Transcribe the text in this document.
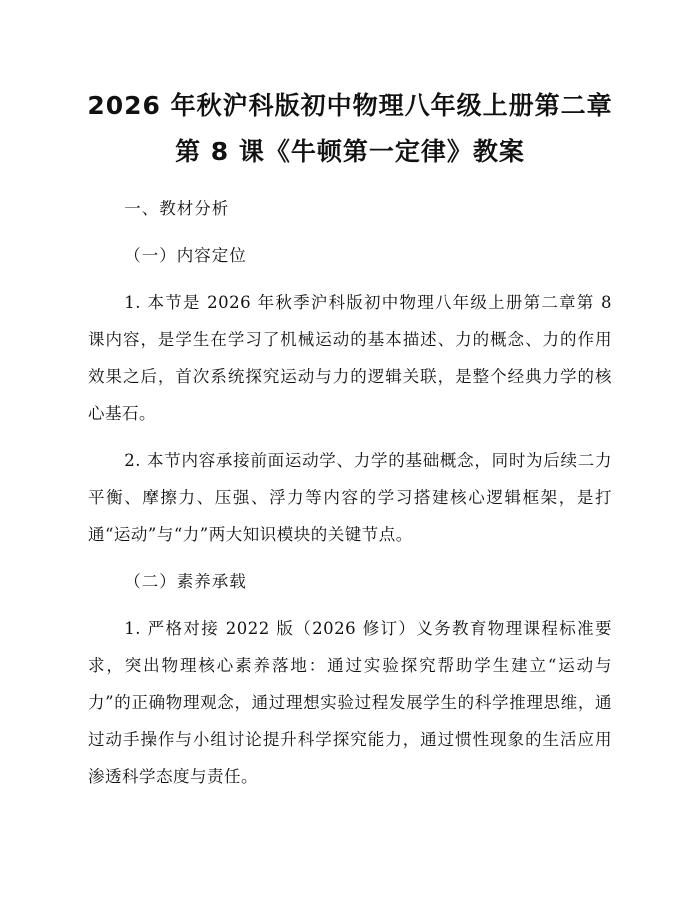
2026 年秋沪科版初中物理八年级上册第二章
第 8 课《牛顿第一定律》教案

一、教材分析

（一）内容定位

1. 本节是 2026 年秋季沪科版初中物理八年级上册第二章第 8 课内容，是学生在学习了机械运动的基本描述、力的概念、力的作用效果之后，首次系统探究运动与力的逻辑关联，是整个经典力学的核心基石。

2. 本节内容承接前面运动学、力学的基础概念，同时为后续二力平衡、摩擦力、压强、浮力等内容的学习搭建核心逻辑框架，是打通“运动”与“力”两大知识模块的关键节点。

（二）素养承载

1. 严格对接 2022 版（2026 修订）义务教育物理课程标准要求，突出物理核心素养落地：通过实验探究帮助学生建立“运动与力”的正确物理观念，通过理想实验过程发展学生的科学推理思维，通过动手操作与小组讨论提升科学探究能力，通过惯性现象的生活应用渗透科学态度与责任。
